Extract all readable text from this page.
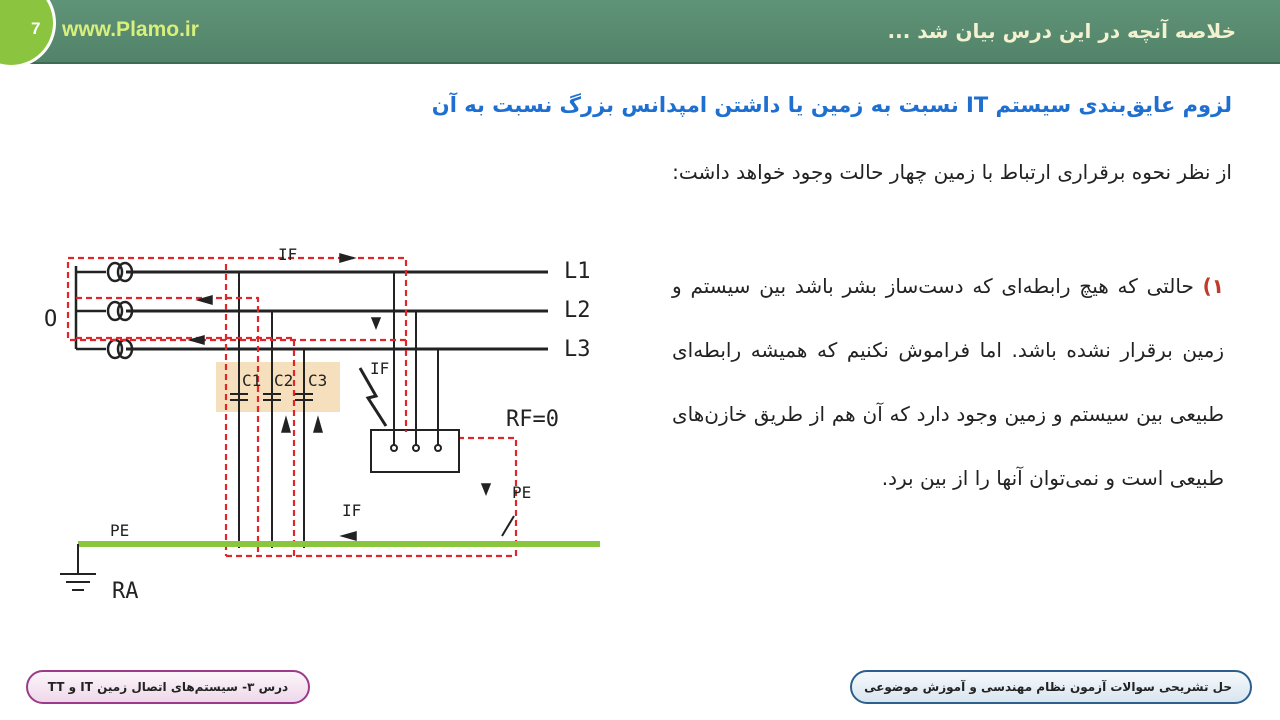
7 www.Plamo.ir	خلاصه آنچه در این درس بیان شد ...
لزوم عایق‌بندی سیستم IT نسبت به زمین یا داشتن امپدانس بزرگ نسبت به آن
از نظر نحوه برقراری ارتباط با زمین چهار حالت وجود خواهد داشت:
۱) حالتی که هیچ رابطه‌ای که دست‌ساز بشر باشد بین سیستم و زمین برقرار نشده باشد. اما فراموش نکنیم که همیشه رابطه‌ای طبیعی بین سیستم و زمین وجود دارد که آن هم از طریق خازن‌های طبیعی است و نمی‌توان آنها را از بین برد.
L1
L2
L3
O
RF=0
RA
IF
IF
IF
C1 C2 C3
PE
PE
درس ۳- سیستم‌های اتصال زمین IT و TT	حل تشریحی سوالات آزمون نظام مهندسی و آموزش موضوعی
